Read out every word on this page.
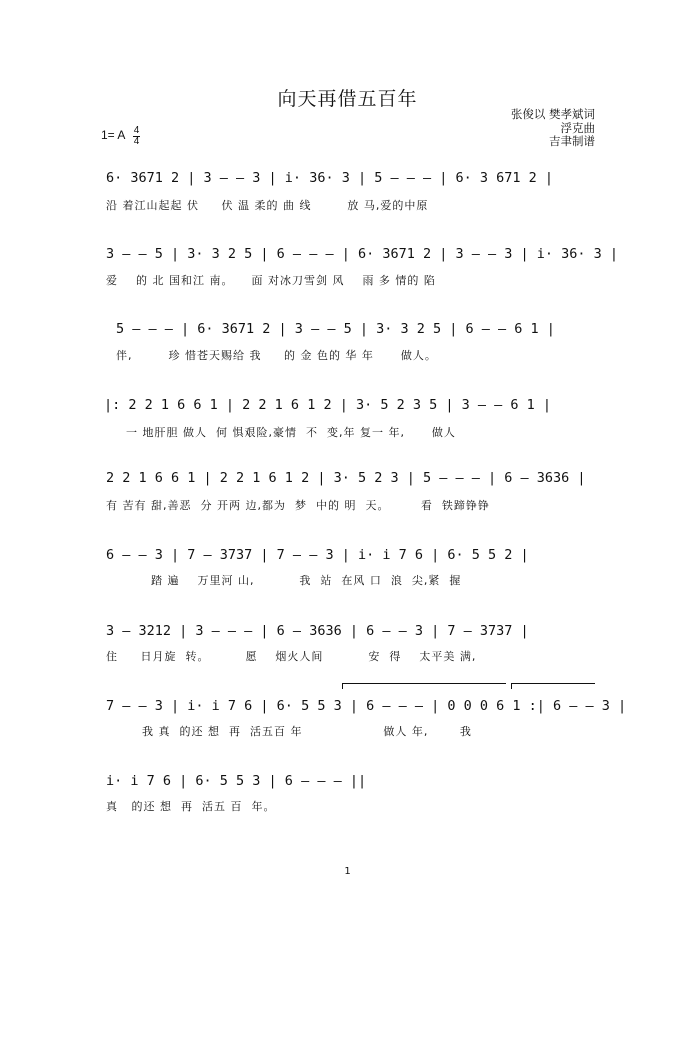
向天再借五百年
张俊以 樊孝斌词
浮克曲
吉聿制谱
1= A 4
4
6· 3671 2 | 3 — — 3 | i· 36· 3 | 5 — — — | 6· 3 671 2 |
沿 着江山起起 伏     伏 温 柔的 曲 线        放 马,爱的中原
3 — — 5 | 3· 3 2 5 | 6 — — — | 6· 3671 2 | 3 — — 3 | i· 36· 3 |
爱    的 北 国和江 南。    面 对冰刀雪剑 风    雨 多 情的 陷
5 — — — | 6· 3671 2 | 3 — — 5 | 3· 3 2 5 | 6 — — 6 1 |
伴,        珍 惜苍天赐给 我     的 金 色的 华 年      做人。
|: 2 2 1 6 6 1 | 2 2 1 6 1 2 | 3· 5 2 3 5 | 3 — — 6 1 |
一 地肝胆 做人  何 惧艰险,豪情  不  变,年 复一 年,      做人
2 2 1 6 6 1 | 2 2 1 6 1 2 | 3· 5 2 3 | 5 — — — | 6 — 3636 |
有 苦有 甜,善恶  分 开两 边,都为  梦  中的 明  天。       看  铁蹄铮铮
6 — — 3 | 7 — 3737 | 7 — — 3 | i· i 7 6 | 6· 5 5 2 |
踏 遍    万里河 山,          我  站  在风 口  浪  尖,紧  握
3 — 3212 | 3 — — — | 6 — 3636 | 6 — — 3 | 7 — 3737 |
住     日月旋  转。        愿    烟火人间          安  得    太平美 满,
7 — — 3 | i· i 7 6 | 6· 5 5 3 | 6 — — — | 0 0 0 6 1 :| 6 — — 3 |
我 真  的还 想  再  活五百 年                  做人 年,       我
i· i 7 6 | 6· 5 5 3 | 6 — — — ||
真   的还 想  再  活五 百  年。
1
